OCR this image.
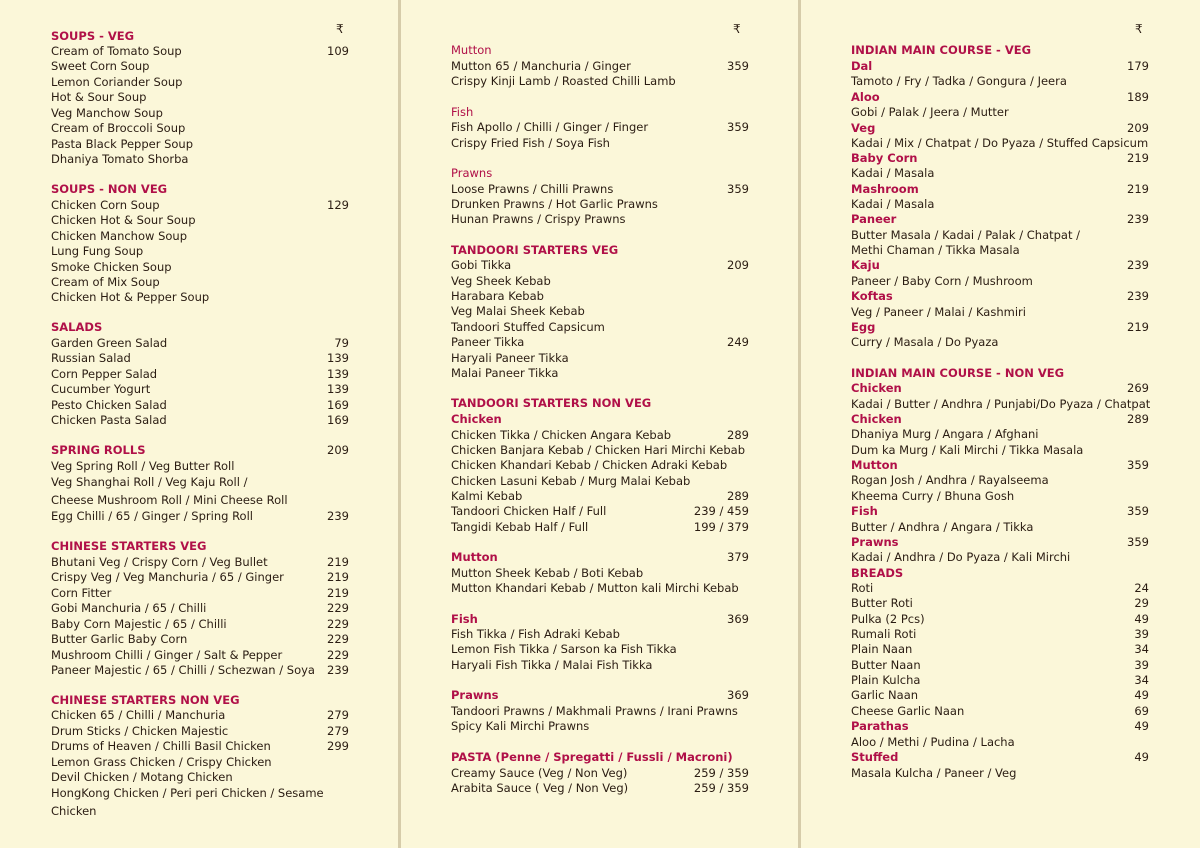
₹
SOUPS - VEG
Cream of Tomato Soup	109
Sweet Corn Soup
Lemon Coriander Soup
Hot & Sour Soup
Veg Manchow Soup
Cream of Broccoli Soup
Pasta Black Pepper Soup
Dhaniya Tomato Shorba
SOUPS - NON VEG
Chicken Corn Soup	129
Chicken Hot & Sour Soup
Chicken Manchow Soup
Lung Fung Soup
Smoke Chicken Soup
Cream of Mix Soup
Chicken Hot & Pepper Soup
SALADS
Garden Green Salad	79
Russian Salad	139
Corn Pepper Salad	139
Cucumber Yogurt	139
Pesto Chicken Salad	169
Chicken Pasta Salad	169
SPRING ROLLS	209
Veg Spring Roll / Veg Butter Roll
Veg Shanghai Roll / Veg Kaju Roll /
Cheese Mushroom Roll / Mini Cheese Roll
Egg Chilli / 65 / Ginger / Spring Roll	239
CHINESE STARTERS VEG
Bhutani Veg / Crispy Corn / Veg Bullet	219
Crispy Veg / Veg Manchuria / 65 / Ginger	219
Corn Fitter	219
Gobi Manchuria / 65 / Chilli	229
Baby Corn Majestic / 65 / Chilli	229
Butter Garlic Baby Corn	229
Mushroom Chilli / Ginger / Salt & Pepper	229
Paneer Majestic / 65 / Chilli / Schezwan / Soya 239
CHINESE STARTERS NON VEG
Chicken 65 / Chilli / Manchuria	279
Drum Sticks / Chicken Majestic	279
Drums of Heaven / Chilli Basil Chicken	299
Lemon Grass Chicken / Crispy Chicken
Devil Chicken / Motang Chicken
HongKong Chicken / Peri peri Chicken / Sesame
Chicken
₹
Mutton
Mutton 65 / Manchuria / Ginger	359
Crispy Kinji Lamb / Roasted Chilli Lamb
Fish
Fish Apollo / Chilli / Ginger / Finger	359
Crispy Fried Fish / Soya Fish
Prawns
Loose Prawns / Chilli Prawns	359
Drunken Prawns / Hot Garlic Prawns
Hunan Prawns / Crispy Prawns
TANDOORI STARTERS VEG
Gobi Tikka	209
Veg Sheek Kebab
Harabara Kebab
Veg Malai Sheek Kebab
Tandoori Stuffed Capsicum
Paneer Tikka	249
Haryali Paneer Tikka
Malai Paneer Tikka
TANDOORI STARTERS NON VEG
Chicken
Chicken Tikka / Chicken Angara Kebab	289
Chicken Banjara Kebab / Chicken Hari Mirchi Kebab
Chicken Khandari Kebab / Chicken Adraki Kebab
Chicken Lasuni Kebab / Murg Malai Kebab
Kalmi Kebab	289
Tandoori Chicken Half / Full	239 / 459
Tangidi Kebab Half / Full	199 / 379
Mutton	379
Mutton Sheek Kebab / Boti Kebab
Mutton Khandari Kebab / Mutton kali Mirchi Kebab
Fish	369
Fish Tikka / Fish Adraki Kebab
Lemon Fish Tikka / Sarson ka Fish Tikka
Haryali Fish Tikka / Malai Fish Tikka
Prawns	369
Tandoori Prawns / Makhmali Prawns / Irani Prawns
Spicy Kali Mirchi Prawns
PASTA (Penne / Spregatti / Fussli / Macroni)
Creamy Sauce (Veg / Non Veg)	259 / 359
Arabita Sauce ( Veg / Non Veg)	259 / 359
₹
INDIAN MAIN COURSE - VEG
Dal	179
Tamoto / Fry / Tadka / Gongura / Jeera
Aloo	189
Gobi / Palak / Jeera / Mutter
Veg	209
Kadai / Mix / Chatpat / Do Pyaza / Stuffed Capsicum
Baby Corn	219
Kadai / Masala
Mashroom	219
Kadai / Masala
Paneer	239
Butter Masala / Kadai / Palak / Chatpat /
Methi Chaman / Tikka Masala
Kaju	239
Paneer / Baby Corn / Mushroom
Koftas	239
Veg / Paneer / Malai / Kashmiri
Egg	219
Curry / Masala / Do Pyaza
INDIAN MAIN COURSE - NON VEG
Chicken	269
Kadai / Butter / Andhra / Punjabi/Do Pyaza / Chatpat
Chicken	289
Dhaniya Murg / Angara / Afghani
Dum ka Murg / Kali Mirchi / Tikka Masala
Mutton	359
Rogan Josh / Andhra / Rayalseema
Kheema Curry / Bhuna Gosh
Fish	359
Butter / Andhra / Angara / Tikka
Prawns	359
Kadai / Andhra / Do Pyaza / Kali Mirchi
BREADS
Roti	24
Butter Roti	29
Pulka (2 Pcs)	49
Rumali Roti	39
Plain Naan	34
Butter Naan	39
Plain Kulcha	34
Garlic Naan	49
Cheese Garlic Naan	69
Parathas	49
Aloo / Methi / Pudina / Lacha
Stuffed	49
Masala Kulcha / Paneer / Veg
